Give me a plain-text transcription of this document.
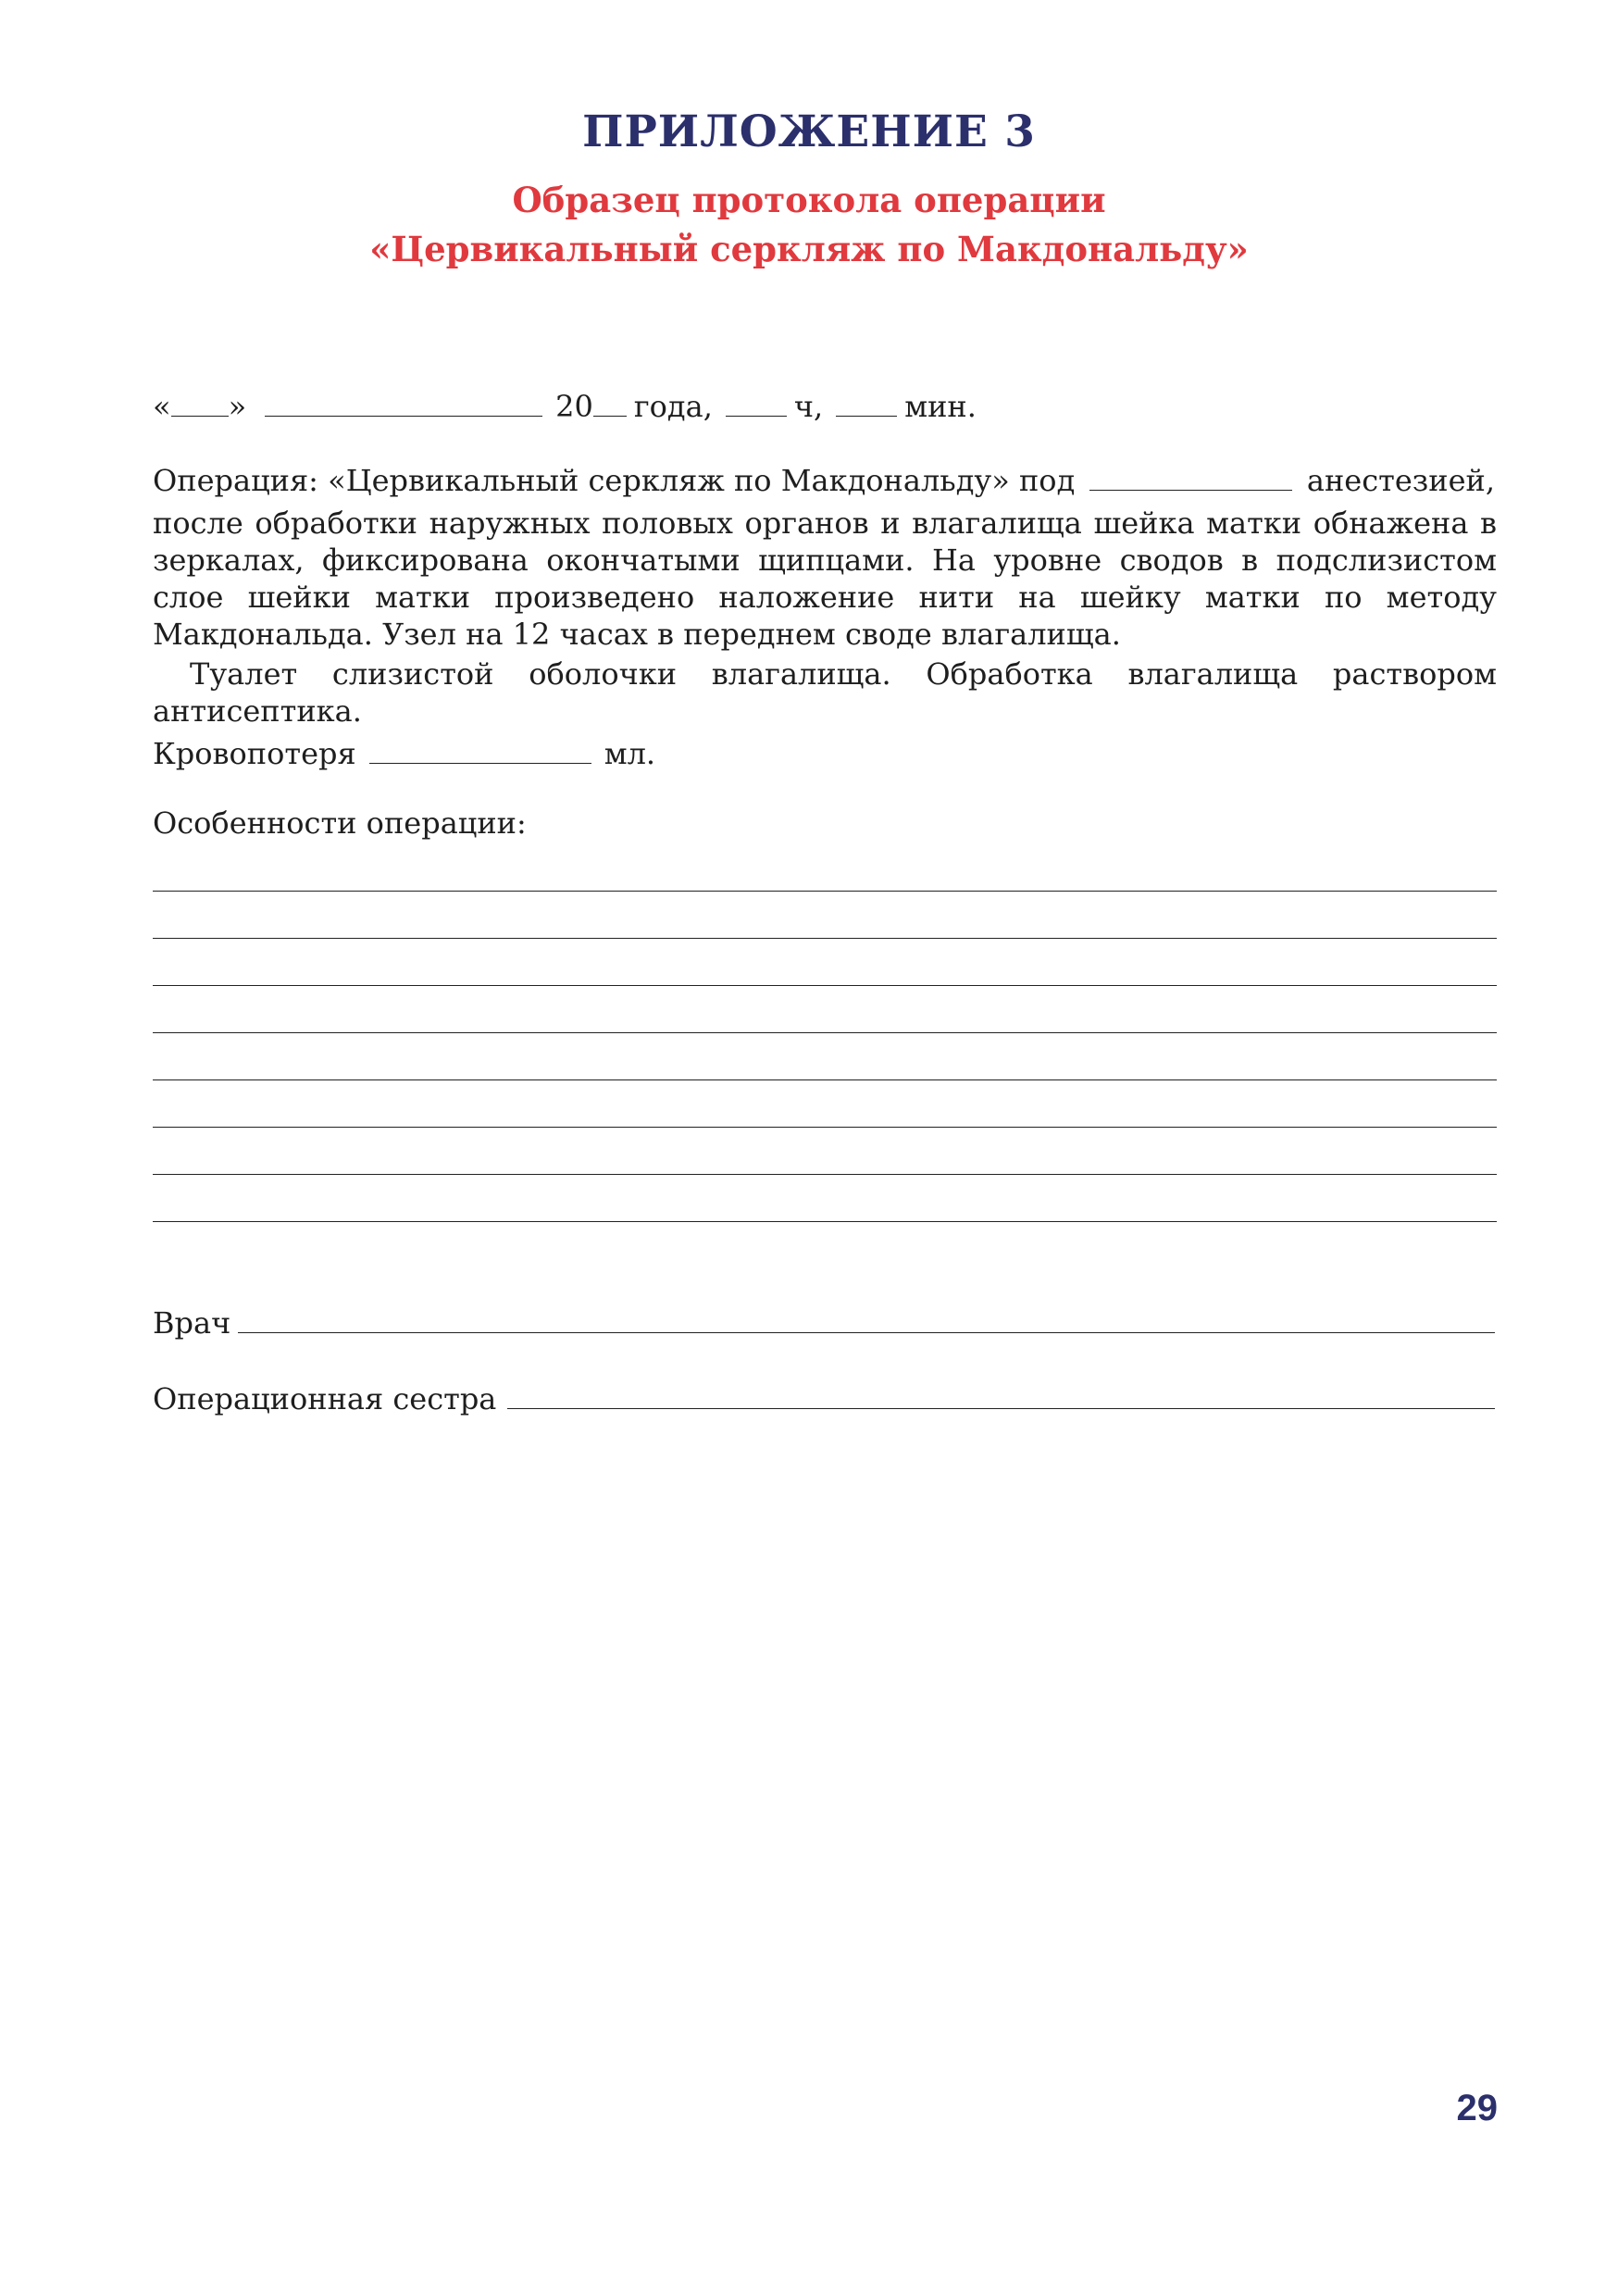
ПРИЛОЖЕНИЕ 3
Образец протокола операции
«Цервикальный серкляж по Макдональду»
« »	20 года,	ч,	мин.
Операция: «Цервикальный серкляж по Макдональду» под	анестезией,
после обработки наружных половых органов и влагалища шейка матки обнажена в зеркалах, фиксирована окончатыми щипцами. На уровне сводов в подслизистом слое шейки матки произведено наложение нити на шейку матки по методу Макдональда. Узел на 12 часах в переднем своде влагалища.
Туалет слизистой оболочки влагалища. Обработка влагалища раствором антисептика.
Кровопотеря	мл.
Особенности операции:
Врач
Операционная сестра
29
